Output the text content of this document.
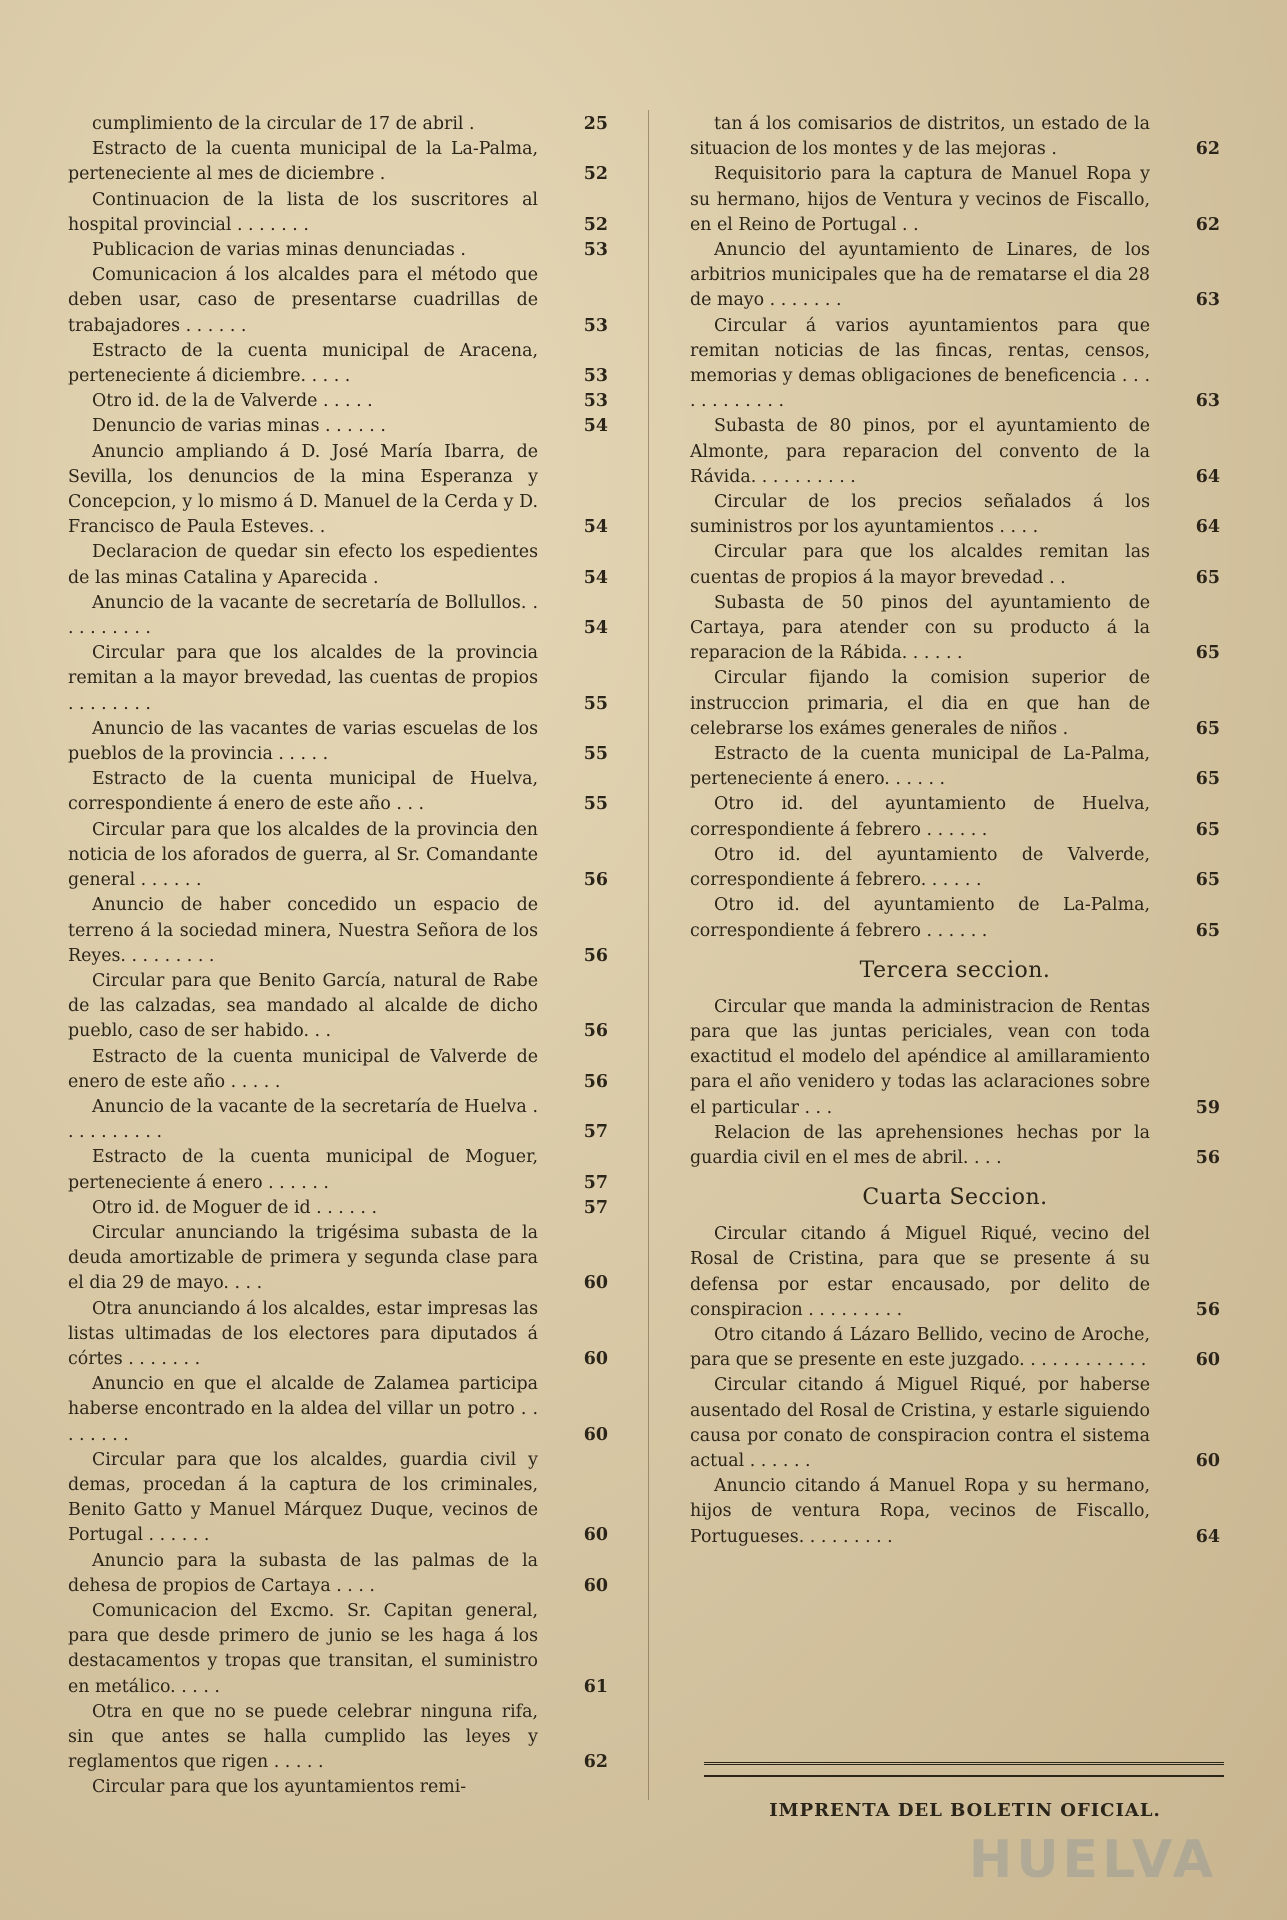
cumplimiento de la circular de 17 de abril .	25
Estracto de la cuenta municipal de la La-Palma, perteneciente al mes de diciembre .	52
Continuacion de la lista de los suscritores al hospital provincial . . . . . . .	52
Publicacion de varias minas denunciadas .	53
Comunicacion á los alcaldes para el método que deben usar, caso de presentarse cuadrillas de trabajadores . . . . . .	53
Estracto de la cuenta municipal de Aracena, perteneciente á diciembre. . . . .	53
Otro id. de la de Valverde . . . . .	53
Denuncio de varias minas . . . . . .	54
Anuncio ampliando á D. José María Ibarra, de Sevilla, los denuncios de la mina Esperanza y Concepcion, y lo mismo á D. Manuel de la Cerda y D. Francisco de Paula Esteves. .	54
Declaracion de quedar sin efecto los espedientes de las minas Catalina y Aparecida .	54
Anuncio de la vacante de secretaría de Bollullos. . . . . . . . . .	54
Circular para que los alcaldes de la provincia remitan a la mayor brevedad, las cuentas de propios . . . . . . . .	55
Anuncio de las vacantes de varias escuelas de los pueblos de la provincia . . . . .	55
Estracto de la cuenta municipal de Huelva, correspondiente á enero de este año . . .	55
Circular para que los alcaldes de la provincia den noticia de los aforados de guerra, al Sr. Comandante general . . . . . .	56
Anuncio de haber concedido un espacio de terreno á la sociedad minera, Nuestra Señora de los Reyes. . . . . . . . .	56
Circular para que Benito García, natural de Rabe de las calzadas, sea mandado al alcalde de dicho pueblo, caso de ser habido. . .	56
Estracto de la cuenta municipal de Valverde de enero de este año . . . . .	56
Anuncio de la vacante de la secretaría de Huelva . . . . . . . . . .	57
Estracto de la cuenta municipal de Moguer, perteneciente á enero . . . . . .	57
Otro id. de Moguer de id . . . . . .	57
Circular anunciando la trigésima subasta de la deuda amortizable de primera y segunda clase para el dia 29 de mayo. . . .	60
Otra anunciando á los alcaldes, estar impresas las listas ultimadas de los electores para diputados á córtes . . . . . . .	60
Anuncio en que el alcalde de Zalamea participa haberse encontrado en la aldea del villar un potro . . . . . . . .	60
Circular para que los alcaldes, guardia civil y demas, procedan á la captura de los criminales, Benito Gatto y Manuel Márquez Duque, vecinos de Portugal . . . . . .	60
Anuncio para la subasta de las palmas de la dehesa de propios de Cartaya . . . .	60
Comunicacion del Excmo. Sr. Capitan general, para que desde primero de junio se les haga á los destacamentos y tropas que transitan, el suministro en metálico. . . . .	61
Otra en que no se puede celebrar ninguna rifa, sin que antes se halla cumplido las leyes y reglamentos que rigen . . . . .	62
Circular para que los ayuntamientos remi-
tan á los comisarios de distritos, un estado de la situacion de los montes y de las mejoras .	62
Requisitorio para la captura de Manuel Ropa y su hermano, hijos de Ventura y vecinos de Fiscallo, en el Reino de Portugal . .	62
Anuncio del ayuntamiento de Linares, de los arbitrios municipales que ha de rematarse el dia 28 de mayo . . . . . . .	63
Circular á varios ayuntamientos para que remitan noticias de las fincas, rentas, censos, memorias y demas obligaciones de beneficencia . . . . . . . . . . . .	63
Subasta de 80 pinos, por el ayuntamiento de Almonte, para reparacion del convento de la Rávida. . . . . . . . . .	64
Circular de los precios señalados á los suministros por los ayuntamientos . . . .	64
Circular para que los alcaldes remitan las cuentas de propios á la mayor brevedad . .	65
Subasta de 50 pinos del ayuntamiento de Cartaya, para atender con su producto á la reparacion de la Rábida. . . . . .	65
Circular fijando la comision superior de instruccion primaria, el dia en que han de celebrarse los exámes generales de niños .	65
Estracto de la cuenta municipal de La-Palma, perteneciente á enero. . . . . .	65
Otro id. del ayuntamiento de Huelva, correspondiente á febrero . . . . . .	65
Otro id. del ayuntamiento de Valverde, correspondiente á febrero. . . . . .	65
Otro id. del ayuntamiento de La-Palma, correspondiente á febrero . . . . . .	65
Tercera seccion.
Circular que manda la administracion de Rentas para que las juntas periciales, vean con toda exactitud el modelo del apéndice al amillaramiento para el año venidero y todas las aclaraciones sobre el particular . . .	59
Relacion de las aprehensiones hechas por la guardia civil en el mes de abril. . . .	56
Cuarta Seccion.
Circular citando á Miguel Riqué, vecino del Rosal de Cristina, para que se presente á su defensa por estar encausado, por delito de conspiracion . . . . . . . . .	56
Otro citando á Lázaro Bellido, vecino de Aroche, para que se presente en este juzgado. . . . . . . . . . . .	60
Circular citando á Miguel Riqué, por haberse ausentado del Rosal de Cristina, y estarle siguiendo causa por conato de conspiracion contra el sistema actual . . . . . .	60
Anuncio citando á Manuel Ropa y su hermano, hijos de ventura Ropa, vecinos de Fiscallo, Portugueses. . . . . . . . .	64
IMPRENTA DEL BOLETIN OFICIAL.
HUELVA
